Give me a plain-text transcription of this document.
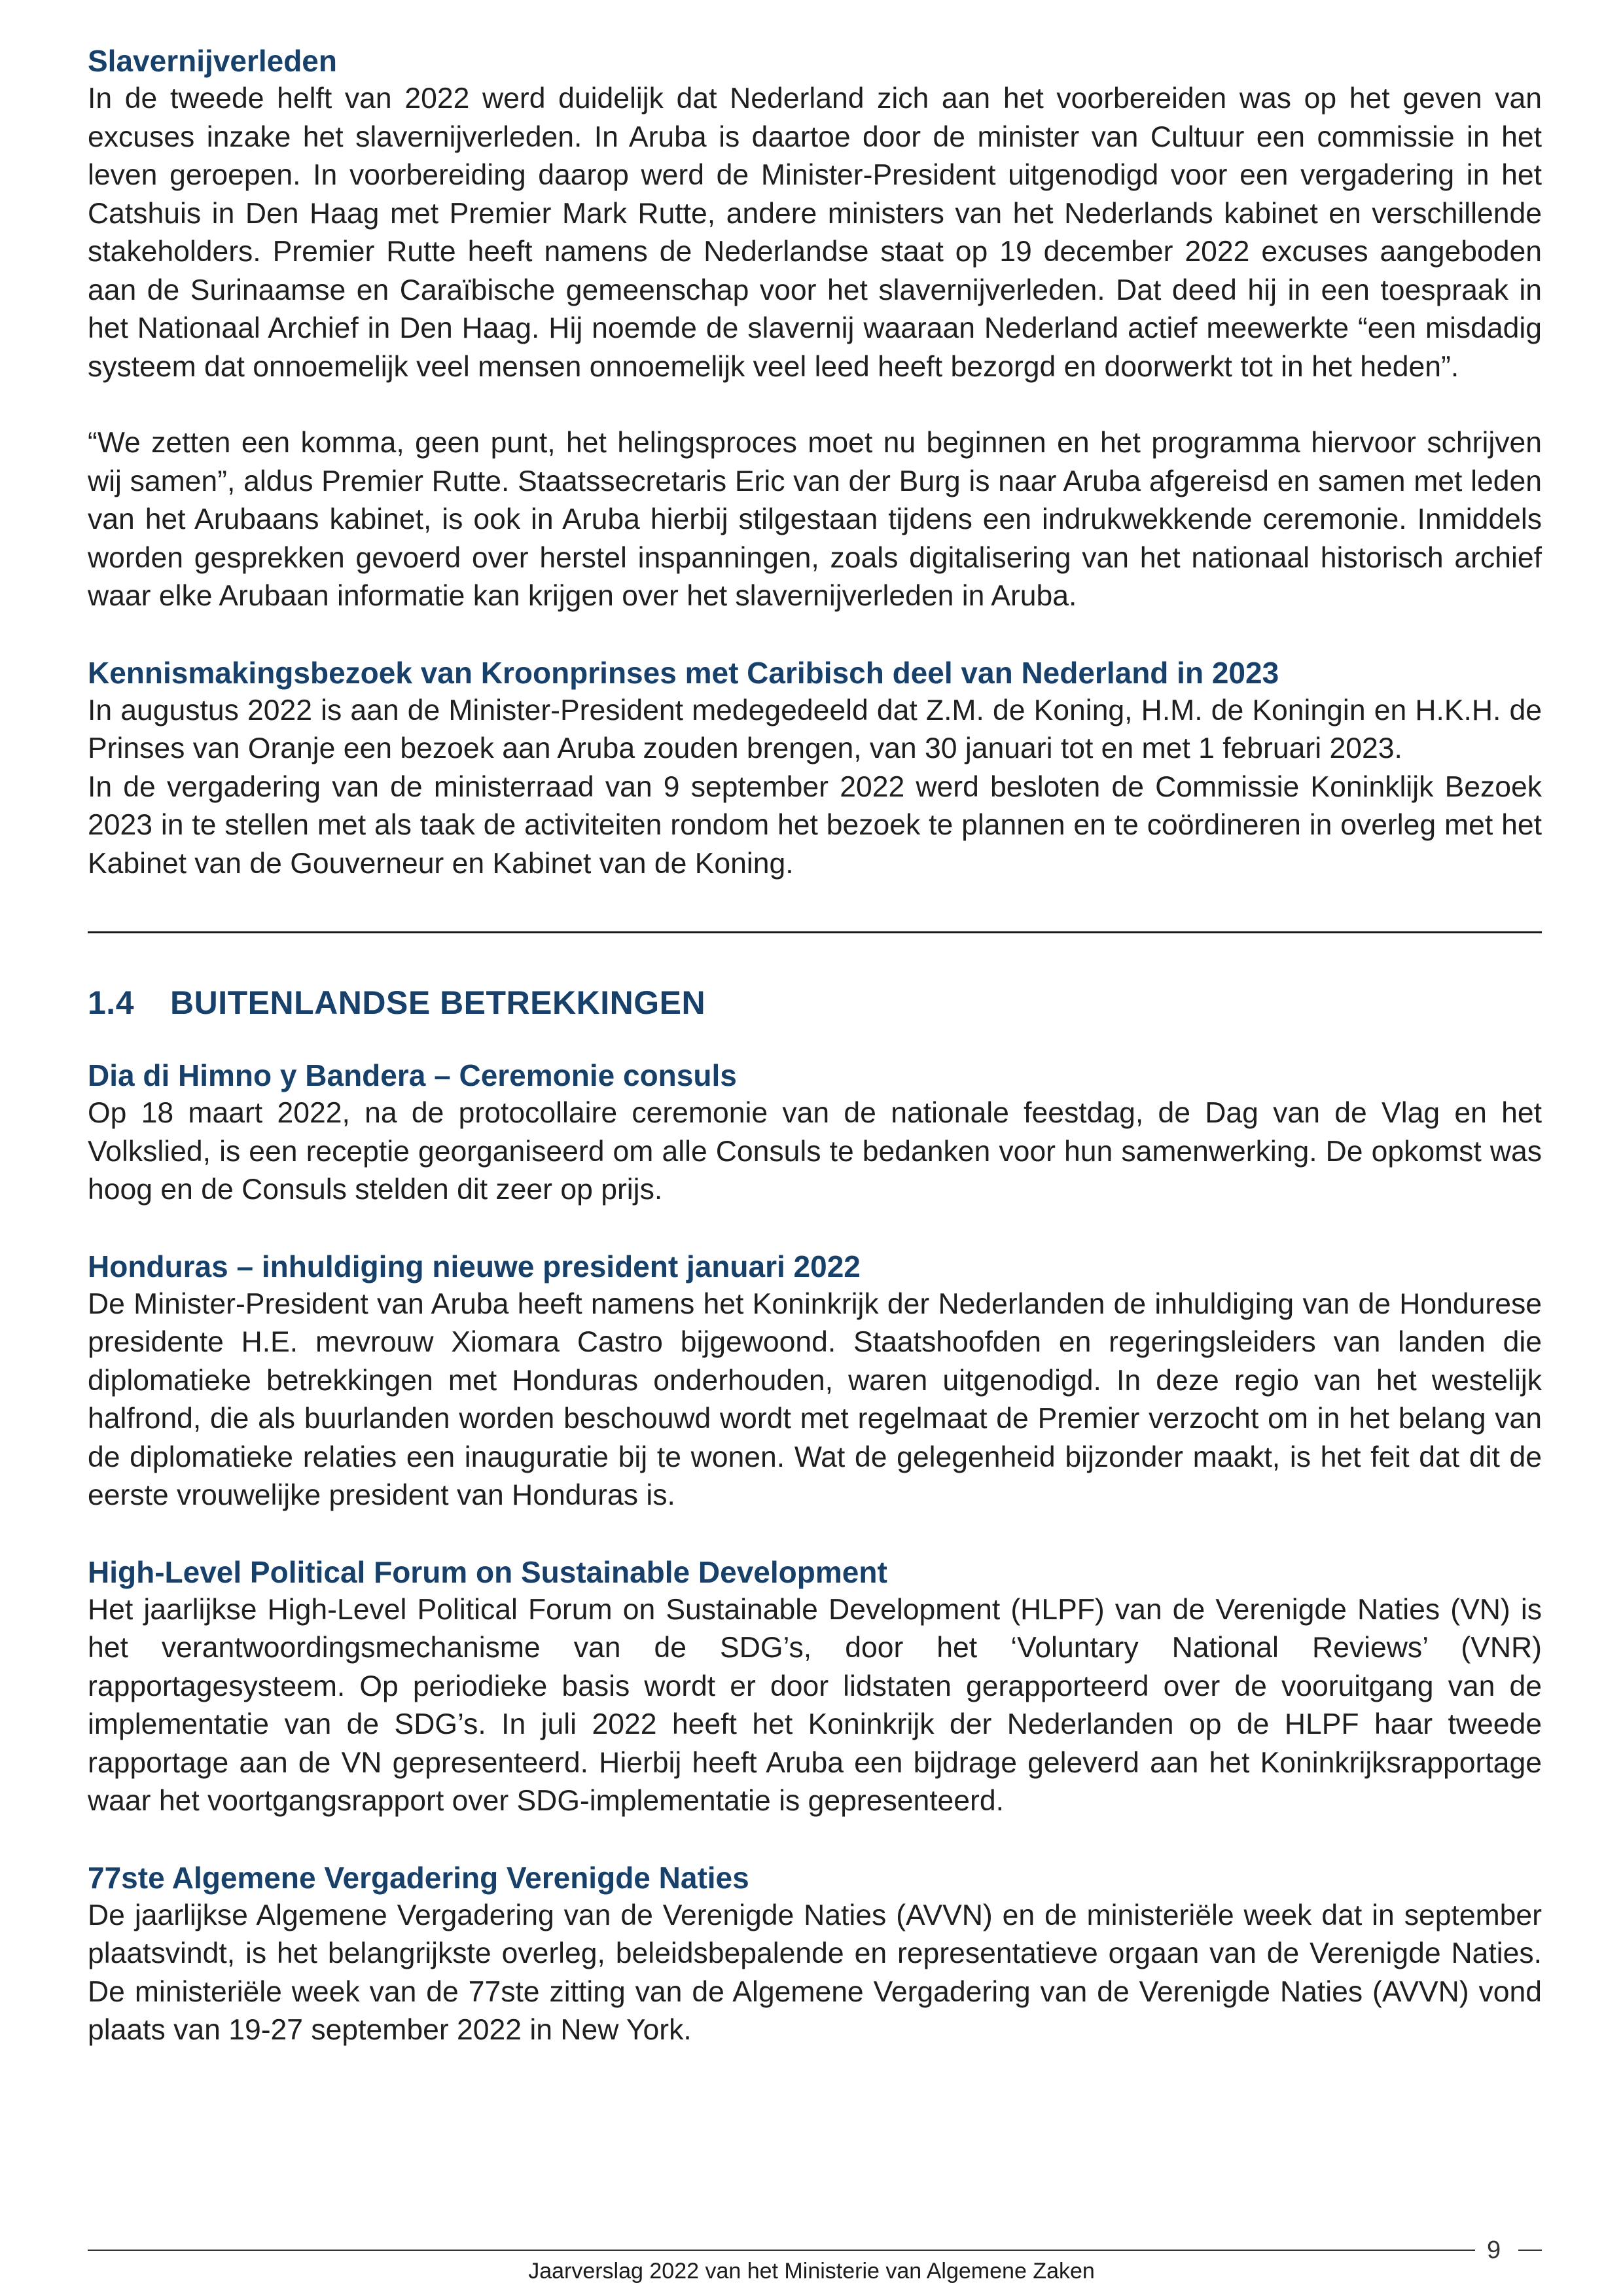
Slavernijverleden

In de tweede helft van 2022 werd duidelijk dat Nederland zich aan het voorbereiden was op het geven van excuses inzake het slavernijverleden. In Aruba is daartoe door de minister van Cultuur een commissie in het leven geroepen. In voorbereiding daarop werd de Minister-President uitgenodigd voor een vergadering in het Catshuis in Den Haag met Premier Mark Rutte, andere ministers van het Nederlands kabinet en verschillende stakeholders. Premier Rutte heeft namens de Nederlandse staat op 19 december 2022 excuses aangeboden aan de Surinaamse en Caraïbische gemeenschap voor het slavernijverleden. Dat deed hij in een toespraak in het Nationaal Archief in Den Haag. Hij noemde de slavernij waaraan Nederland actief meewerkte “een misdadig systeem dat onnoemelijk veel mensen onnoemelijk veel leed heeft bezorgd en doorwerkt tot in het heden”.

“We zetten een komma, geen punt, het helingsproces moet nu beginnen en het programma hiervoor schrijven wij samen”, aldus Premier Rutte. Staatssecretaris Eric van der Burg is naar Aruba afgereisd en samen met leden van het Arubaans kabinet, is ook in Aruba hierbij stilgestaan tijdens een indrukwekkende ceremonie. Inmiddels worden gesprekken gevoerd over herstel inspanningen, zoals digitalisering van het nationaal historisch archief waar elke Arubaan informatie kan krijgen over het slavernijverleden in Aruba.

Kennismakingsbezoek van Kroonprinses met Caribisch deel van Nederland in 2023

In augustus 2022 is aan de Minister-President medegedeeld dat Z.M. de Koning, H.M. de Koningin en H.K.H. de Prinses van Oranje een bezoek aan Aruba zouden brengen, van 30 januari tot en met 1 februari 2023.

In de vergadering van de ministerraad van 9 september 2022 werd besloten de Commissie Koninklijk Bezoek 2023 in te stellen met als taak de activiteiten rondom het bezoek te plannen en te coördineren in overleg met het Kabinet van de Gouverneur en Kabinet van de Koning.

1.4 BUITENLANDSE BETREKKINGEN

Dia di Himno y Bandera – Ceremonie consuls

Op 18 maart 2022, na de protocollaire ceremonie van de nationale feestdag, de Dag van de Vlag en het Volkslied, is een receptie georganiseerd om alle Consuls te bedanken voor hun samenwerking. De opkomst was hoog en de Consuls stelden dit zeer op prijs.

Honduras – inhuldiging nieuwe president januari 2022

De Minister-President van Aruba heeft namens het Koninkrijk der Nederlanden de inhuldiging van de Hondurese presidente H.E. mevrouw Xiomara Castro bijgewoond. Staatshoofden en regeringsleiders van landen die diplomatieke betrekkingen met Honduras onderhouden, waren uitgenodigd. In deze regio van het westelijk halfrond, die als buurlanden worden beschouwd wordt met regelmaat de Premier verzocht om in het belang van de diplomatieke relaties een inauguratie bij te wonen. Wat de gelegenheid bijzonder maakt, is het feit dat dit de eerste vrouwelijke president van Honduras is.

High-Level Political Forum on Sustainable Development

Het jaarlijkse High-Level Political Forum on Sustainable Development (HLPF) van de Verenigde Naties (VN) is het verantwoordingsmechanisme van de SDG’s, door het ‘Voluntary National Reviews’ (VNR) rapportagesysteem. Op periodieke basis wordt er door lidstaten gerapporteerd over de vooruitgang van de implementatie van de SDG’s. In juli 2022 heeft het Koninkrijk der Nederlanden op de HLPF haar tweede rapportage aan de VN gepresenteerd. Hierbij heeft Aruba een bijdrage geleverd aan het Koninkrijksrapportage waar het voortgangsrapport over SDG-implementatie is gepresenteerd.

77ste Algemene Vergadering Verenigde Naties

De jaarlijkse Algemene Vergadering van de Verenigde Naties (AVVN) en de ministeriële week dat in september plaatsvindt, is het belangrijkste overleg, beleidsbepalende en representatieve orgaan van de Verenigde Naties. De ministeriële week van de 77ste zitting van de Algemene Vergadering van de Verenigde Naties (AVVN) vond plaats van 19-27 september 2022 in New York.

9
Jaarverslag 2022 van het Ministerie van Algemene Zaken
